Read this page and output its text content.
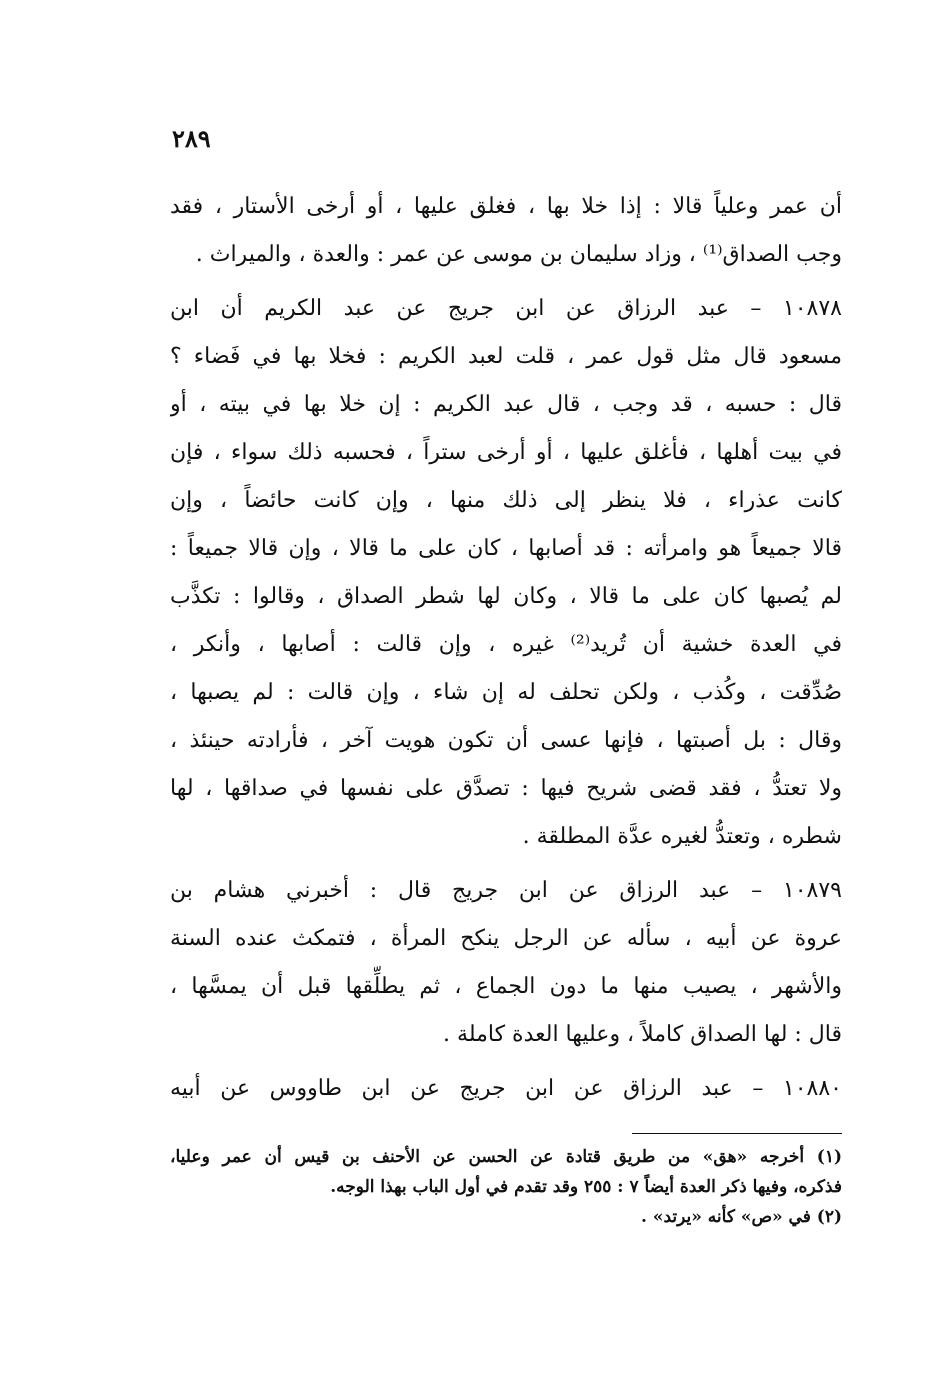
٢٨٩

أن عمر وعلياً قالا : إذا خلا بها ، فغلق عليها ، أو أرخى الأستار ، فقد
وجب الصداق⁽¹⁾ ، وزاد سليمان بن موسى عن عمر : والعدة ، والميراث .

١٠٨٧٨ – عبد الرزاق عن ابن جريج عن عبد الكريم أن ابن
مسعود قال مثل قول عمر ، قلت لعبد الكريم : فخلا بها في فَضاء ؟
قال : حسبه ، قد وجب ، قال عبد الكريم : إن خلا بها في بيته ، أو
في بيت أهلها ، فأغلق عليها ، أو أرخى ستراً ، فحسبه ذلك سواء ، فإن
كانت عذراء ، فلا ينظر إلى ذلك منها ، وإن كانت حائضاً ، وإن
قالا جميعاً هو وامرأته : قد أصابها ، كان على ما قالا ، وإن قالا جميعاً :
لم يُصبها كان على ما قالا ، وكان لها شطر الصداق ، وقالوا : تكذَّب
في العدة خشية أن تُريد⁽²⁾ غيره ، وإن قالت : أصابها ، وأنكر ،
صُدِّقت ، وكُذب ، ولكن تحلف له إن شاء ، وإن قالت : لم يصبها ،
وقال : بل أصبتها ، فإنها عسى أن تكون هويت آخر ، فأرادته حينئذ ،
ولا تعتدُّ ، فقد قضى شريح فيها : تصدَّق على نفسها في صداقها ، لها
شطره ، وتعتدُّ لغيره عدَّة المطلقة .

١٠٨٧٩ – عبد الرزاق عن ابن جريج قال : أخبرني هشام بن
عروة عن أبيه ، سأله عن الرجل ينكح المرأة ، فتمكث عنده السنة
والأشهر ، يصيب منها ما دون الجماع ، ثم يطلِّقها قبل أن يمسَّها ،
قال : لها الصداق كاملاً ، وعليها العدة كاملة .

١٠٨٨٠ – عبد الرزاق عن ابن جريج عن ابن طاووس عن أبيه

(١) أخرجه «هق» من طريق قتادة عن الحسن عن الأحنف بن قيس أن عمر وعليا،
فذكره، وفيها ذكر العدة أيضاً ٧ : ٢٥٥ وقد تقدم في أول الباب بهذا الوجه.
(٢) في «ص» كأنه «يرتد» .
